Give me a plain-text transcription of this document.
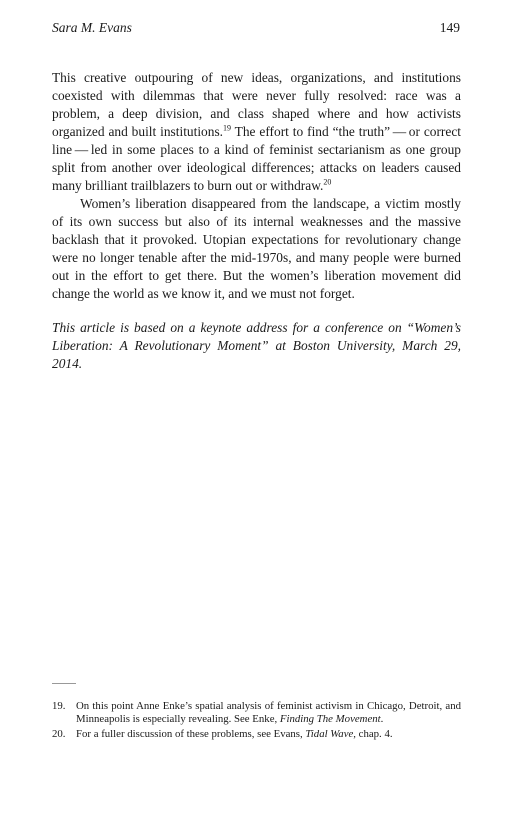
Sara M. Evans	149

This creative outpouring of new ideas, organizations, and institutions coexisted with dilemmas that were never fully resolved: race was a problem, a deep division, and class shaped where and how activists organized and built institutions.$^{19}$ The effort to find “the truth” — or correct line — led in some places to a kind of feminist sectarianism as one group split from another over ideological differences; attacks on leaders caused many brilliant trailblazers to burn out or withdraw.$^{20}$

Women’s liberation disappeared from the landscape, a victim mostly of its own success but also of its internal weaknesses and the massive backlash that it provoked. Utopian expectations for revolutionary change were no longer tenable after the mid-1970s, and many people were burned out in the effort to get there. But the women’s liberation movement did change the world as we know it, and we must not forget.

This article is based on a keynote address for a conference on “Women’s Liberation: A Revolutionary Moment” at Boston University, March 29, 2014.

19. On this point Anne Enke’s spatial analysis of feminist activism in Chicago, Detroit, and Minneapolis is especially revealing. See Enke, Finding The Movement.
20. For a fuller discussion of these problems, see Evans, Tidal Wave, chap. 4.
